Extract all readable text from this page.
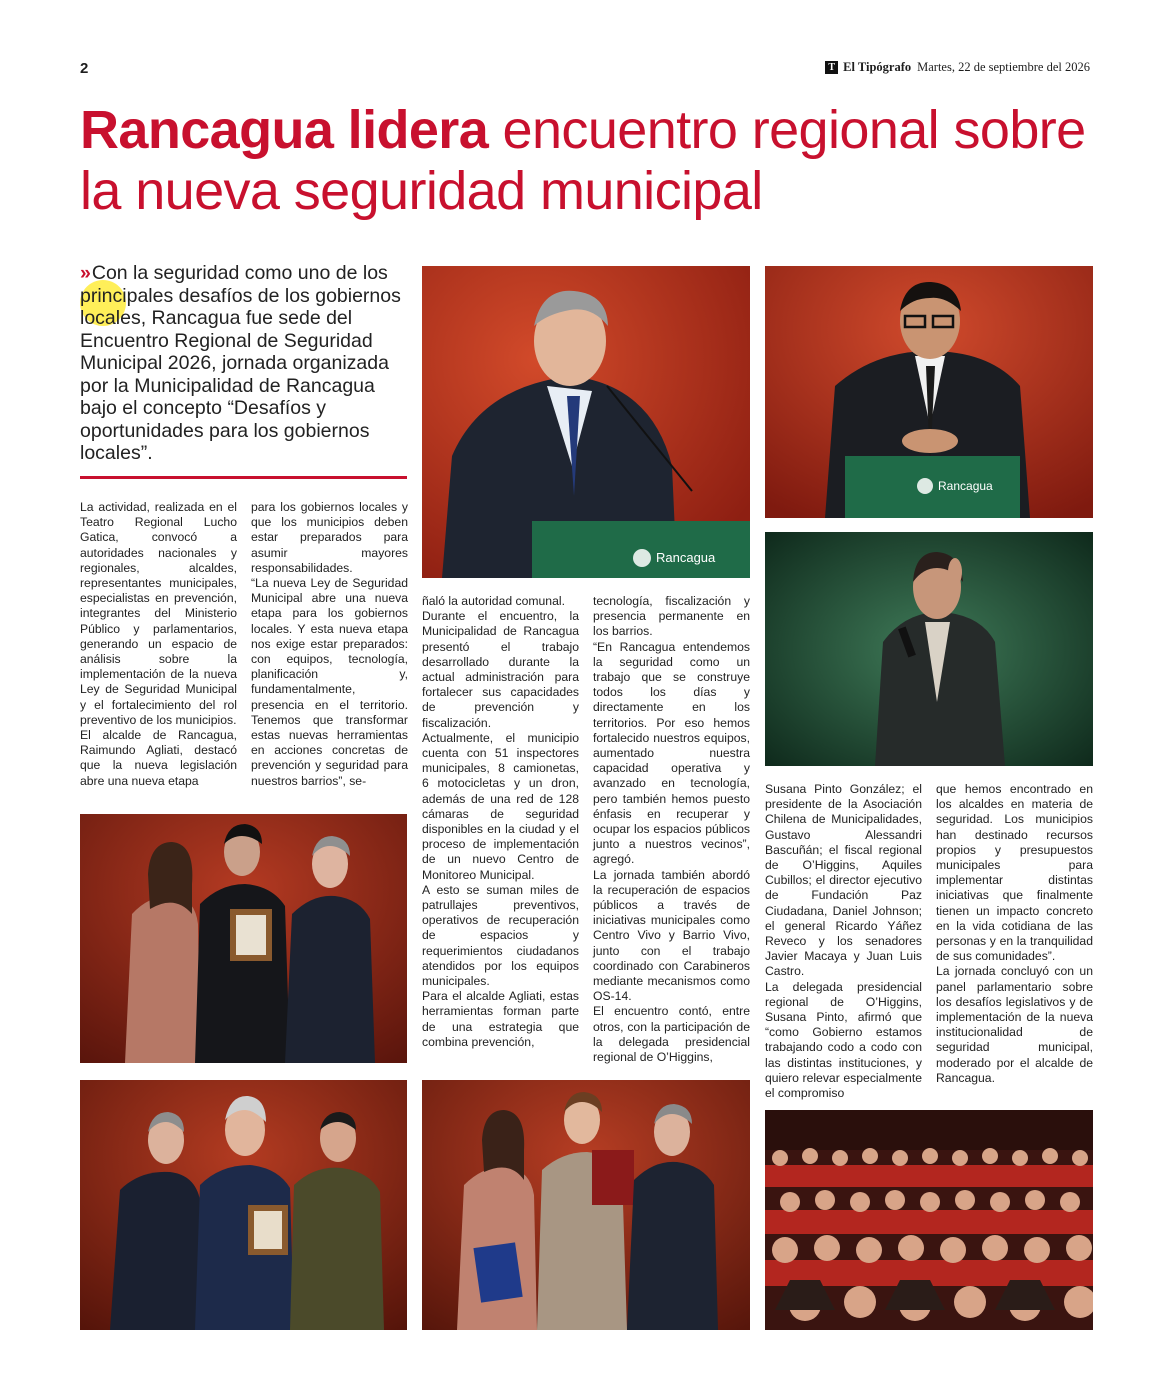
2	T El Tipógrafo Martes, 22 de septiembre del 2026
Rancagua lidera encuentro regional sobre la nueva seguridad municipal
»Con la seguridad como uno de los principales desafíos de los gobiernos locales, Rancagua fue sede del Encuentro Regional de Seguridad Municipal 2026, jornada organizada por la Municipalidad de Rancagua bajo el concepto “Desafíos y oportunidades para los gobiernos locales”.

La actividad, realizada en el Teatro Regional Lucho Gatica, convocó a autoridades nacionales y regionales, alcaldes, representantes municipales, especialistas en prevención, integrantes del Ministerio Público y parlamentarios, generando un espacio de análisis sobre la implementación de la nueva Ley de Seguridad Municipal y el fortalecimiento del rol preventivo de los municipios.

El alcalde de Rancagua, Raimundo Agliati, destacó que la nueva legislación abre una nueva etapa

para los gobiernos locales y que los municipios deben estar preparados para asumir mayores responsabilidades.

“La nueva Ley de Seguridad Municipal abre una nueva etapa para los gobiernos locales. Y esta nueva etapa nos exige estar preparados: con equipos, tecnología, planificación y, fundamentalmente, presencia en el territorio. Tenemos que transformar estas nuevas herramientas en acciones concretas de prevención y seguridad para nuestros barrios”, se-

ñaló la autoridad comunal.

Durante el encuentro, la Municipalidad de Rancagua presentó el trabajo desarrollado durante la actual administración para fortalecer sus capacidades de prevención y fiscalización.

Actualmente, el municipio cuenta con 51 inspectores municipales, 8 camionetas, 6 motocicletas y un dron, además de una red de 128 cámaras de seguridad disponibles en la ciudad y el proceso de implementación de un nuevo Centro de Monitoreo Municipal.

A esto se suman miles de patrullajes preventivos, operativos de recuperación de espacios y requerimientos ciudadanos atendidos por los equipos municipales.

Para el alcalde Agliati, estas herramientas forman parte de una estrategia que combina prevención,

tecnología, fiscalización y presencia permanente en los barrios.

“En Rancagua entendemos la seguridad como un trabajo que se construye todos los días y directamente en los territorios. Por eso hemos fortalecido nuestros equipos, aumentado nuestra capacidad operativa y avanzado en tecnología, pero también hemos puesto énfasis en recuperar y ocupar los espacios públicos junto a nuestros vecinos”, agregó.

La jornada también abordó la recuperación de espacios públicos a través de iniciativas municipales como Centro Vivo y Barrio Vivo, junto con el trabajo coordinado con Carabineros mediante mecanismos como OS-14.

El encuentro contó, entre otros, con la participación de la delegada presidencial regional de O’Higgins,

Susana Pinto González; el presidente de la Asociación Chilena de Municipalidades, Gustavo Alessandri Bascuñán; el fiscal regional de O’Higgins, Aquiles Cubillos; el director ejecutivo de Fundación Paz Ciudadana, Daniel Johnson; el general Ricardo Yáñez Reveco y los senadores Javier Macaya y Juan Luis Castro.

La delegada presidencial regional de O’Higgins, Susana Pinto, afirmó que “como Gobierno estamos trabajando codo a codo con las distintas instituciones, y quiero relevar especialmente el compromiso

que hemos encontrado en los alcaldes en materia de seguridad. Los municipios han destinado recursos propios y presupuestos municipales para implementar distintas iniciativas que finalmente tienen un impacto concreto en la vida cotidiana de las personas y en la tranquilidad de sus comunidades”.

La jornada concluyó con un panel parlamentario sobre los desafíos legislativos y de implementación de la nueva institucionalidad de seguridad municipal, moderado por el alcalde de Rancagua.

Rancagua
Rancagua
